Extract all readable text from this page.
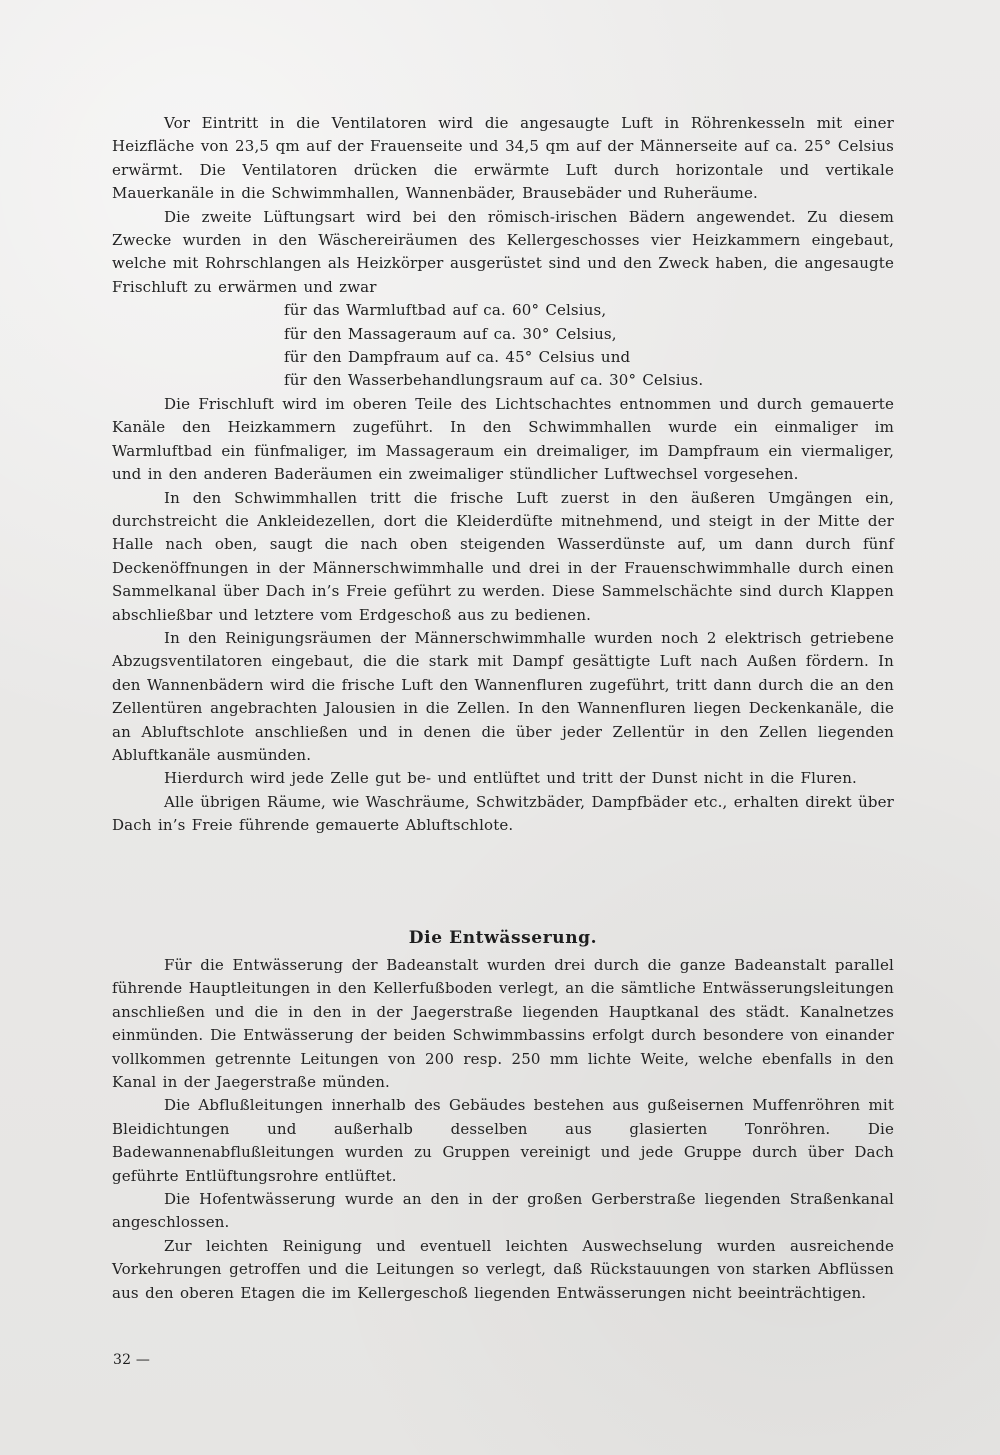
Vor Eintritt in die Ventilatoren wird die angesaugte Luft in Röhrenkesseln mit einer Heizfläche von 23,5 qm auf der Frauenseite und 34,5 qm auf der Männerseite auf ca. 25° Celsius erwärmt. Die Ventilatoren drücken die erwärmte Luft durch horizontale und vertikale Mauerkanäle in die Schwimmhallen, Wannenbäder, Brausebäder und Ruheräume.

Die zweite Lüftungsart wird bei den römisch-irischen Bädern angewendet. Zu diesem Zwecke wurden in den Wäschereiräumen des Kellergeschosses vier Heizkammern eingebaut, welche mit Rohrschlangen als Heizkörper ausgerüstet sind und den Zweck haben, die angesaugte Frischluft zu erwärmen und zwar

für das Warmluftbad auf ca. 60° Celsius,
für den Massageraum auf ca. 30° Celsius,
für den Dampfraum auf ca. 45° Celsius und
für den Wasserbehandlungsraum auf ca. 30° Celsius.

Die Frischluft wird im oberen Teile des Lichtschachtes entnommen und durch gemauerte Kanäle den Heizkammern zugeführt. In den Schwimmhallen wurde ein einmaliger im Warmluftbad ein fünfmaliger, im Massageraum ein dreimaliger, im Dampfraum ein viermaliger, und in den anderen Baderäumen ein zweimaliger stündlicher Luftwechsel vorgesehen.

In den Schwimmhallen tritt die frische Luft zuerst in den äußeren Umgängen ein, durchstreicht die Ankleidezellen, dort die Kleiderdüfte mitnehmend, und steigt in der Mitte der Halle nach oben, saugt die nach oben steigenden Wasserdünste auf, um dann durch fünf Deckenöffnungen in der Männerschwimmhalle und drei in der Frauenschwimmhalle durch einen Sammelkanal über Dach in’s Freie geführt zu werden. Diese Sammelschächte sind durch Klappen abschließbar und letztere vom Erdgeschoß aus zu bedienen.

In den Reinigungsräumen der Männerschwimmhalle wurden noch 2 elektrisch getriebene Abzugsventilatoren eingebaut, die die stark mit Dampf gesättigte Luft nach Außen fördern. In den Wannenbädern wird die frische Luft den Wannenfluren zugeführt, tritt dann durch die an den Zellentüren angebrachten Jalousien in die Zellen. In den Wannenfluren liegen Deckenkanäle, die an Abluftschlote anschließen und in denen die über jeder Zellentür in den Zellen liegenden Abluftkanäle ausmünden.

Hierdurch wird jede Zelle gut be- und entlüftet und tritt der Dunst nicht in die Fluren.

Alle übrigen Räume, wie Waschräume, Schwitzbäder, Dampfbäder etc., erhalten direkt über Dach in’s Freie führende gemauerte Abluftschlote.

Die Entwässerung.

Für die Entwässerung der Badeanstalt wurden drei durch die ganze Badeanstalt parallel führende Hauptleitungen in den Kellerfußboden verlegt, an die sämtliche Entwässerungsleitungen anschließen und die in den in der Jaegerstraße liegenden Hauptkanal des städt. Kanalnetzes einmünden. Die Entwässerung der beiden Schwimmbassins erfolgt durch besondere von einander vollkommen getrennte Leitungen von 200 resp. 250 mm lichte Weite, welche ebenfalls in den Kanal in der Jaegerstraße münden.

Die Abflußleitungen innerhalb des Gebäudes bestehen aus gußeisernen Muffenröhren mit Bleidichtungen und außerhalb desselben aus glasierten Tonröhren. Die Badewannenabflußleitungen wurden zu Gruppen vereinigt und jede Gruppe durch über Dach geführte Entlüftungsrohre entlüftet.

Die Hofentwässerung wurde an den in der großen Gerberstraße liegenden Straßenkanal angeschlossen.

Zur leichten Reinigung und eventuell leichten Auswechselung wurden ausreichende Vorkehrungen getroffen und die Leitungen so verlegt, daß Rückstauungen von starken Abflüssen aus den oberen Etagen die im Kellergeschoß liegenden Entwässerungen nicht beeinträchtigen.

32 —
